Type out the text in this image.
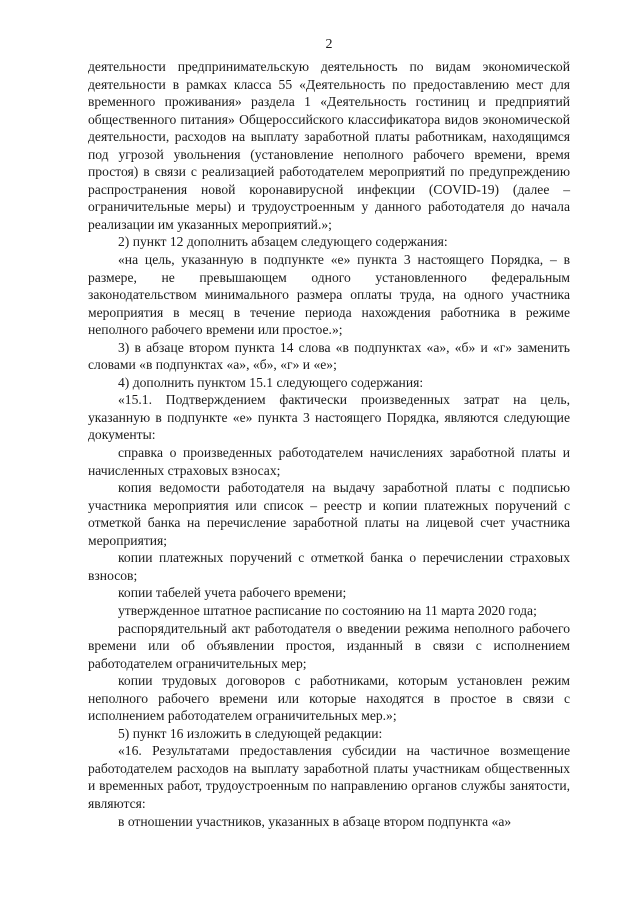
2

деятельности предпринимательскую деятельность по видам экономической деятельности в рамках класса 55 «Деятельность по предоставлению мест для временного проживания» раздела 1 «Деятельность гостиниц и предприятий общественного питания» Общероссийского классификатора видов экономической деятельности, расходов на выплату заработной платы работникам, находящимся под угрозой увольнения (установление неполного рабочего времени, время простоя) в связи с реализацией работодателем мероприятий по предупреждению распространения новой коронавирусной инфекции (COVID-19) (далее – ограничительные меры) и трудоустроенным у данного работодателя до начала реализации им указанных мероприятий.»;

2) пункт 12 дополнить абзацем следующего содержания:

«на цель, указанную в подпункте «е» пункта 3 настоящего Порядка, – в размере, не превышающем одного установленного федеральным законодательством минимального размера оплаты труда, на одного участника мероприятия в месяц в течение периода нахождения работника в режиме неполного рабочего времени или простое.»;

3) в абзаце втором пункта 14 слова «в подпунктах «а», «б» и «г» заменить словами «в подпунктах «а», «б», «г» и «е»;

4) дополнить пунктом 15.1 следующего содержания:

«15.1. Подтверждением фактически произведенных затрат на цель, указанную в подпункте «е» пункта 3 настоящего Порядка, являются следующие документы:

справка о произведенных работодателем начислениях заработной платы и начисленных страховых взносах;

копия ведомости работодателя на выдачу заработной платы с подписью участника мероприятия или список – реестр и копии платежных поручений с отметкой банка на перечисление заработной платы на лицевой счет участника мероприятия;

копии платежных поручений с отметкой банка о перечислении страховых взносов;

копии табелей учета рабочего времени;

утвержденное штатное расписание по состоянию на 11 марта 2020 года;

распорядительный акт работодателя о введении режима неполного рабочего времени или об объявлении простоя, изданный в связи с исполнением работодателем ограничительных мер;

копии трудовых договоров с работниками, которым установлен режим неполного рабочего времени или которые находятся в простое в связи с исполнением работодателем ограничительных мер.»;

5) пункт 16 изложить в следующей редакции:

«16. Результатами предоставления субсидии на частичное возмещение работодателем расходов на выплату заработной платы участникам общественных и временных работ, трудоустроенным по направлению органов службы занятости, являются:

в отношении участников, указанных в абзаце втором подпункта «а»
